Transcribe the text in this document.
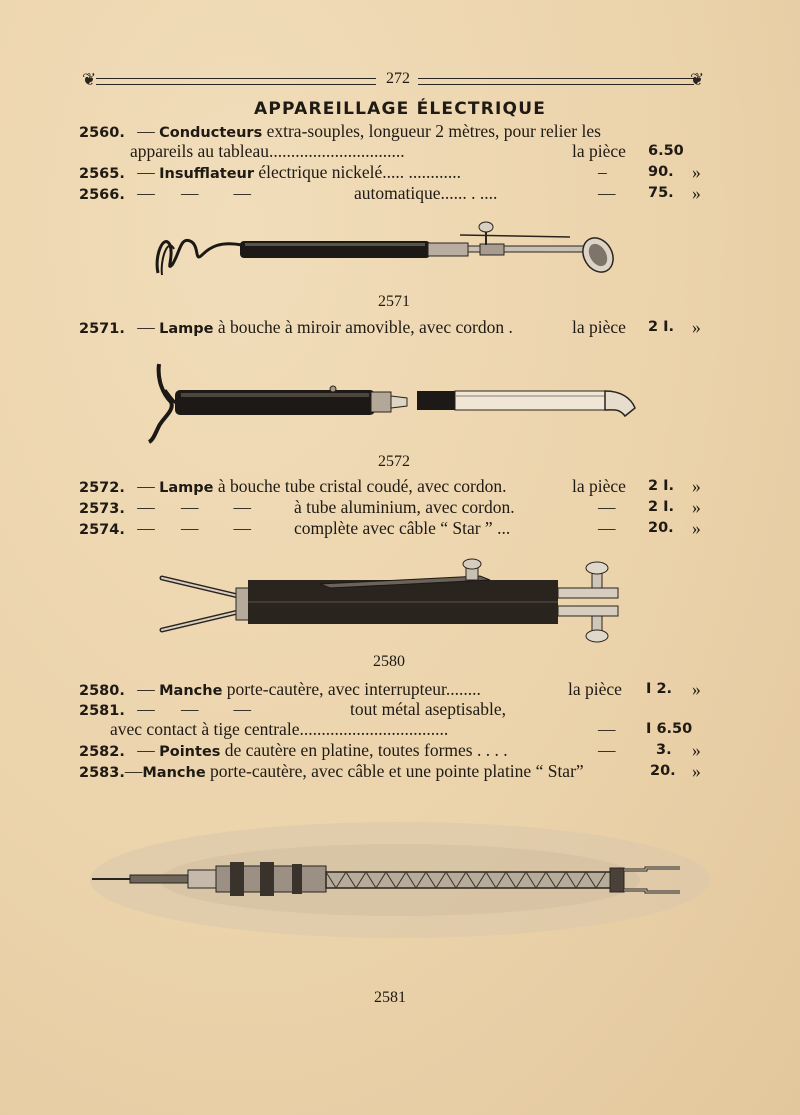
❦	272	❦
APPAREILLAGE ÉLECTRIQUE
2560. — Conducteurs extra-souples, longueur 2 mètres, pour relier les
appareils au tableau...............................	la pièce 6.50
2565. — Insufflateur électrique nickelé..... ............	–	90. »
2566. —      —        —	automatique...... . ....	— 75. »
2571
2571. — Lampe à bouche à miroir amovible, avec cordon .	la pièce 2 I. »
2572
2572. — Lampe à bouche tube cristal coudé, avec cordon.	la pièce 2 I. »
2573. —      —        — à tube aluminium, avec cordon.	— 2 I. »
2574. —      —        — complète avec câble “ Star ” ...	— 20. »
2580
2580. — Manche porte-cautère, avec interrupteur........	la pièce I 2. »
2581. —      —        —	tout métal aseptisable,
avec contact à tige centrale..................................	— I 6.50
2582. — Pointes de cautère en platine, toutes formes . . . .	—	3. »
2583.—Manche porte-cautère, avec câble et une pointe platine “ Star”	20. »
2581
